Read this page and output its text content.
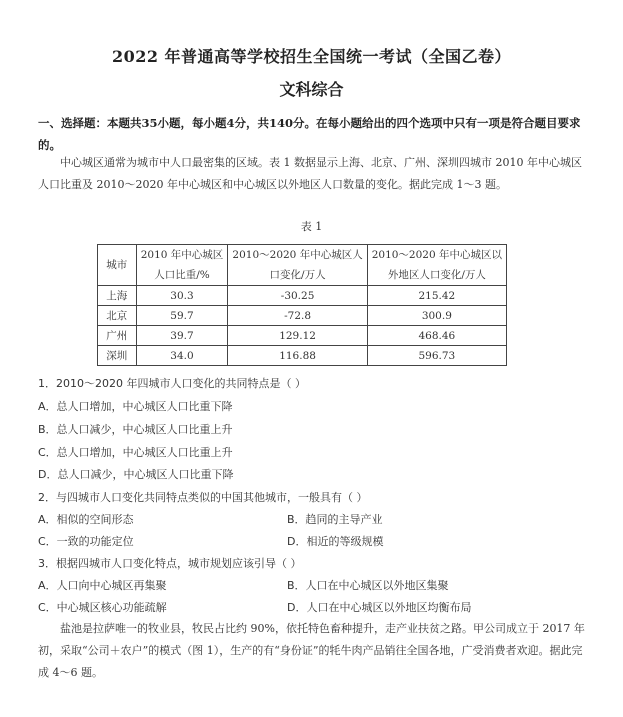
2022 年普通高等学校招生全国统一考试（全国乙卷）
文科综合
一、选择题：本题共35小题，每小题4分，共140分。在每小题给出的四个选项中只有一项是符合题目要求的。
中心城区通常为城市中人口最密集的区域。表 1 数据显示上海、北京、广州、深圳四城市 2010 年中心城区人口比重及 2010～2020 年中心城区和中心城区以外地区人口数量的变化。据此完成 1～3 题。
表 1
城市	2010 年中心城区人口比重/%	2010～2020 年中心城区人口变化/万人	2010～2020 年中心城区以外地区人口变化/万人
上海	30.3	-30.25	215.42
北京	59.7	-72.8	300.9
广州	39.7	129.12	468.46
深圳	34.0	116.88	596.73
1．2010～2020 年四城市人口变化的共同特点是（ ）
A．总人口增加，中心城区人口比重下降
B．总人口减少，中心城区人口比重上升
C．总人口增加，中心城区人口比重上升
D．总人口减少，中心城区人口比重下降
2．与四城市人口变化共同特点类似的中国其他城市，一般具有（ ）
A．相似的空间形态	B．趋同的主导产业
C．一致的功能定位	D．相近的等级规模
3．根据四城市人口变化特点，城市规划应该引导（ ）
A．人口向中心城区再集聚	B．人口在中心城区以外地区集聚
C．中心城区核心功能疏解	D．人口在中心城区以外地区均衡布局
盐池是拉萨唯一的牧业县，牧民占比约 90%，依托特色畜种提升，走产业扶贫之路。甲公司成立于 2017 年初，采取“公司＋农户”的模式（图 1），生产的有“身份证”的牦牛肉产品销往全国各地，广受消费者欢迎。据此完成 4～6 题。
